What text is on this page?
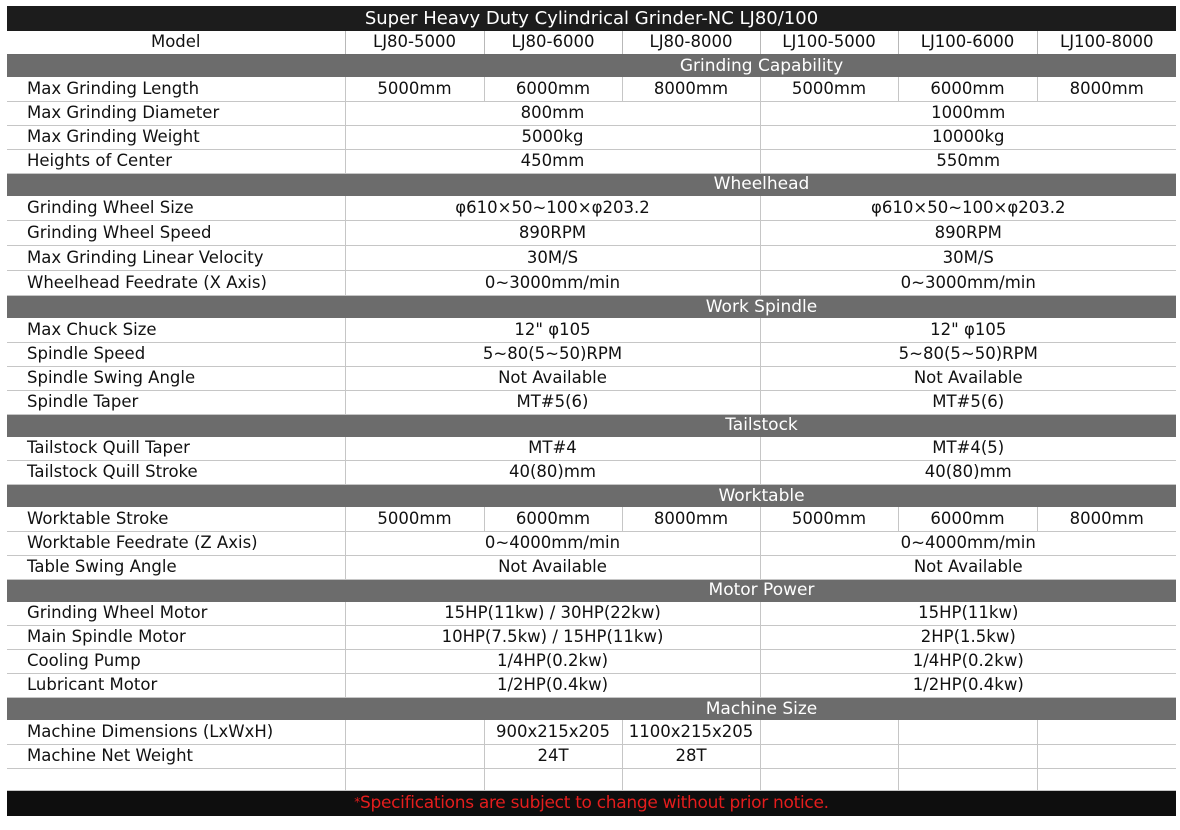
Super Heavy Duty Cylindrical Grinder-NC LJ80/100						
Model	LJ80-5000	LJ80-6000	LJ80-8000	LJ100-5000	LJ100-6000	LJ100-8000
Grinding Capability						
Max Grinding Length	5000mm	6000mm	8000mm	5000mm	6000mm	8000mm
Max Grinding Diameter	800mm			1000mm		
Max Grinding Weight	5000kg			10000kg		
Heights of Center	450mm			550mm		
Wheelhead						
Grinding Wheel Size	φ610×50~100×φ203.2			φ610×50~100×φ203.2		
Grinding Wheel Speed	890RPM			890RPM		
Max Grinding Linear Velocity	30M/S			30M/S		
Wheelhead Feedrate (X Axis)	0~3000mm/min			0~3000mm/min		
Work Spindle						
Max Chuck Size	12" φ105			12" φ105		
Spindle Speed	5~80(5~50)RPM			5~80(5~50)RPM		
Spindle Swing Angle	Not Available			Not Available		
Spindle Taper	MT#5(6)			MT#5(6)		
Tailstock						
Tailstock Quill Taper	MT#4			MT#4(5)		
Tailstock Quill Stroke	40(80)mm			40(80)mm		
Worktable						
Worktable Stroke	5000mm	6000mm	8000mm	5000mm	6000mm	8000mm
Worktable Feedrate (Z Axis)	0~4000mm/min			0~4000mm/min		
Table Swing Angle	Not Available			Not Available		
Motor Power						
Grinding Wheel Motor	15HP(11kw) / 30HP(22kw)			15HP(11kw)		
Main Spindle Motor	10HP(7.5kw) / 15HP(11kw)			2HP(1.5kw)		
Cooling Pump	1/4HP(0.2kw)			1/4HP(0.2kw)		
Lubricant Motor	1/2HP(0.4kw)			1/2HP(0.4kw)		
Machine Size						
Machine Dimensions (LxWxH)		900x215x205	1100x215x205			
Machine Net Weight		24T	28T			

*Specifications are subject to change without prior notice.						
